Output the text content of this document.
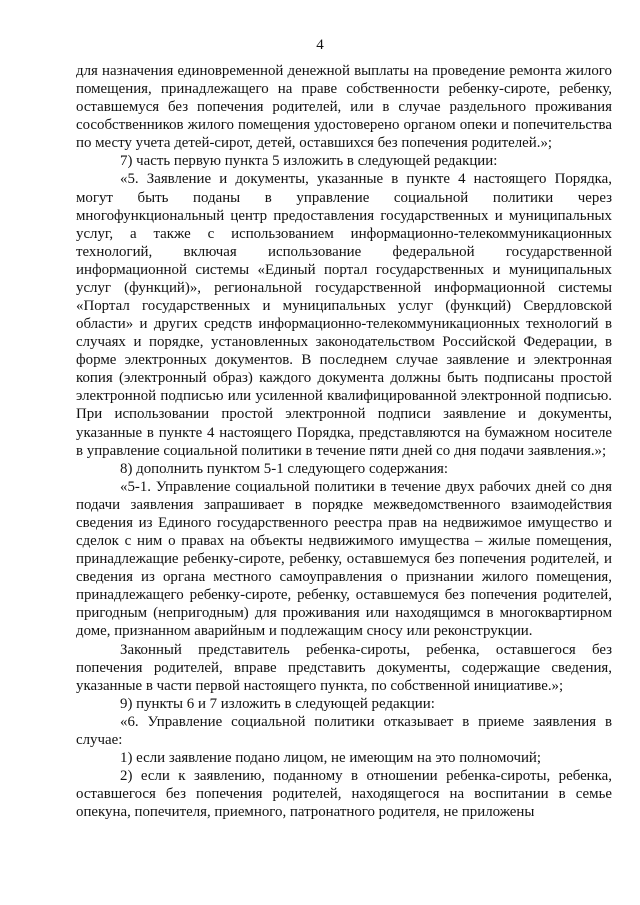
4

для назначения единовременной денежной выплаты на проведение ремонта жилого помещения, принадлежащего на праве собственности ребенку-сироте, ребенку, оставшемуся без попечения родителей, или в случае раздельного проживания сособственников жилого помещения удостоверено органом опеки и попечительства по месту учета детей-сирот, детей, оставшихся без попечения родителей.»;

7) часть первую пункта 5 изложить в следующей редакции:

«5. Заявление и документы, указанные в пункте 4 настоящего Порядка, могут быть поданы в управление социальной политики через многофункциональный центр предоставления государственных и муниципальных услуг, а также с использованием информационно-телекоммуникационных технологий, включая использование федеральной государственной информационной системы «Единый портал государственных и муниципальных услуг (функций)», региональной государственной информационной системы «Портал государственных и муниципальных услуг (функций) Свердловской области» и других средств информационно-телекоммуникационных технологий в случаях и порядке, установленных законодательством Российской Федерации, в форме электронных документов. В последнем случае заявление и электронная копия (электронный образ) каждого документа должны быть подписаны простой электронной подписью или усиленной квалифицированной электронной подписью. При использовании простой электронной подписи заявление и документы, указанные в пункте 4 настоящего Порядка, представляются на бумажном носителе в управление социальной политики в течение пяти дней со дня подачи заявления.»;

8) дополнить пунктом 5-1 следующего содержания:

«5-1. Управление социальной политики в течение двух рабочих дней со дня подачи заявления запрашивает в порядке межведомственного взаимодействия сведения из Единого государственного реестра прав на недвижимое имущество и сделок с ним о правах на объекты недвижимого имущества – жилые помещения, принадлежащие ребенку-сироте, ребенку, оставшемуся без попечения родителей, и сведения из органа местного самоуправления о признании жилого помещения, принадлежащего ребенку-сироте, ребенку, оставшемуся без попечения родителей, пригодным (непригодным) для проживания или находящимся в многоквартирном доме, признанном аварийным и подлежащим сносу или реконструкции.

Законный представитель ребенка-сироты, ребенка, оставшегося без попечения родителей, вправе представить документы, содержащие сведения, указанные в части первой настоящего пункта, по собственной инициативе.»;

9) пункты 6 и 7 изложить в следующей редакции:

«6. Управление социальной политики отказывает в приеме заявления в случае:

1) если заявление подано лицом, не имеющим на это полномочий;

2) если к заявлению, поданному в отношении ребенка-сироты, ребенка, оставшегося без попечения родителей, находящегося на воспитании в семье опекуна, попечителя, приемного, патронатного родителя, не приложены
